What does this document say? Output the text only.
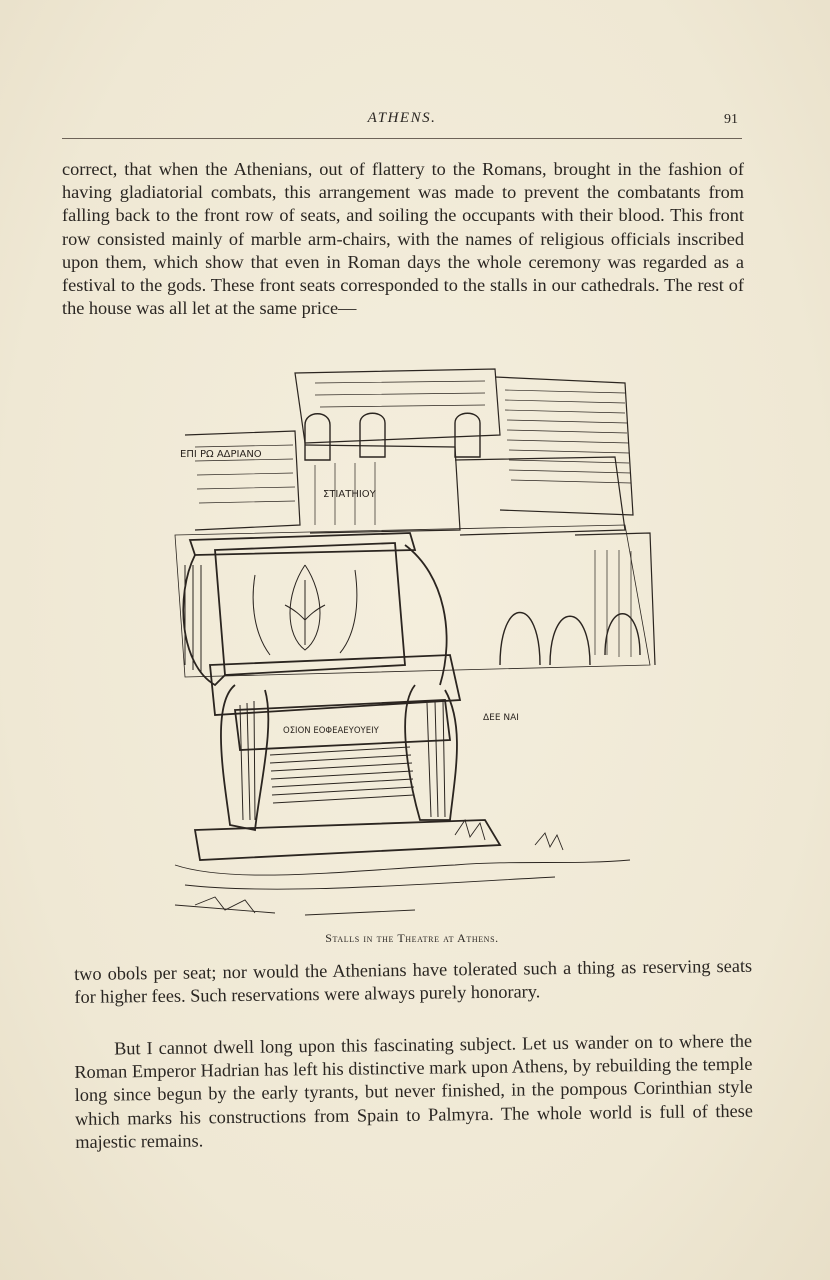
ATHENS.	91

correct, that when the Athenians, out of flattery to the Romans, brought in the fashion of having gladiatorial combats, this arrangement was made to prevent the combatants from falling back to the front row of seats, and soiling the occupants with their blood. This front row consisted mainly of marble arm-chairs, with the names of religious officials inscribed upon them, which show that even in Roman days the whole ceremony was regarded as a festival to the gods. These front seats corresponded to the stalls in our cathedrals. The rest of the house was all let at the same price—

ΕΠΙ ΡΩ ΑΔΡΙΑΝΟ
ΣΤΙΑΤΗΙΟΥ
ΟΣΙΟΝ ΕΟΦΕΑΕΥΟΥΕΙΥ
ΔΕΕ ΝΑΙ
Stalls in the Theatre at Athens.

two obols per seat; nor would the Athenians have tolerated such a thing as reserving seats for higher fees. Such reservations were always purely honorary.

But I cannot dwell long upon this fascinating subject. Let us wander on to where the Roman Emperor Hadrian has left his distinctive mark upon Athens, by rebuilding the temple long since begun by the early tyrants, but never finished, in the pompous Corinthian style which marks his constructions from Spain to Palmyra. The whole world is full of these majestic remains.
